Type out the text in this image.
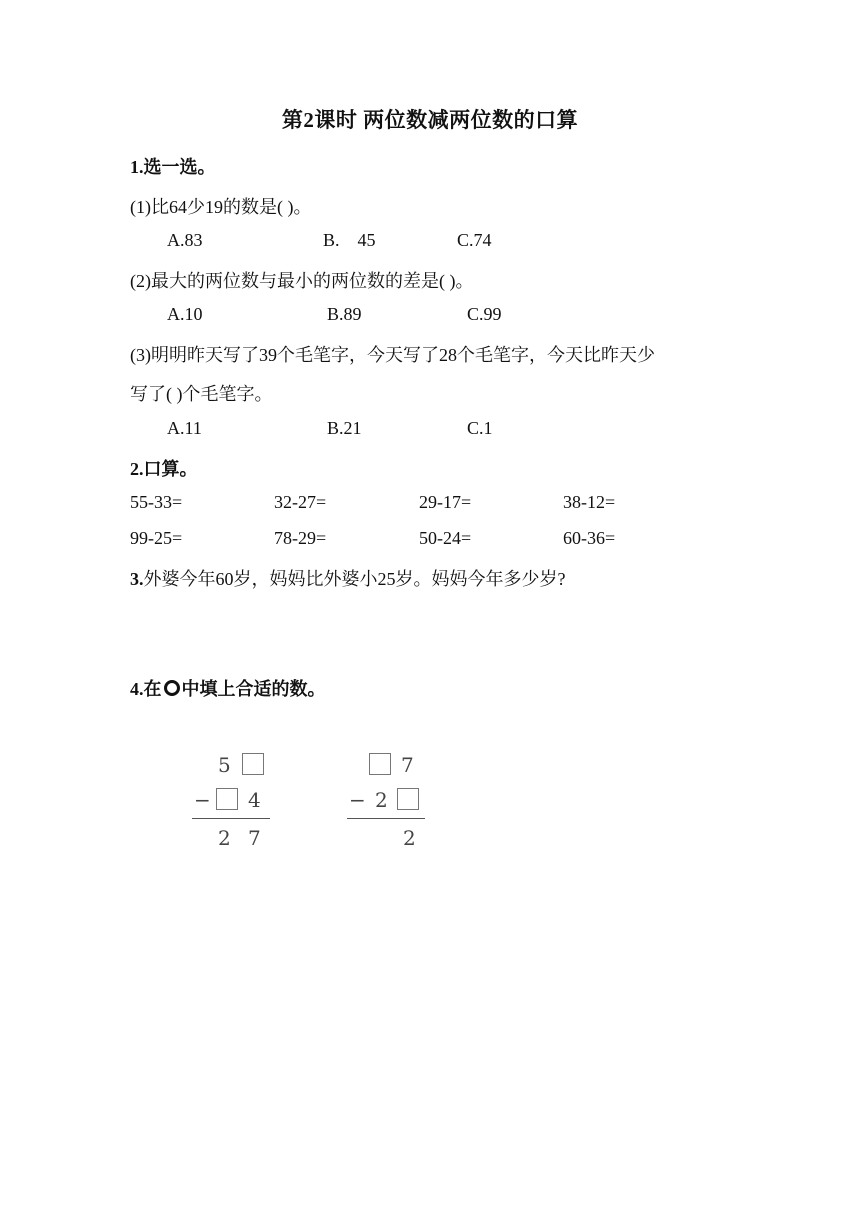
第2课时 两位数减两位数的口算
1.选一选。
(1)比64少19的数是( )。
A.83	B.    45	C.74
(2)最大的两位数与最小的两位数的差是( )。
A.10	B.89	C.99
(3)明明昨天写了39个毛笔字，今天写了28个毛笔字，今天比昨天少
写了( )个毛笔字。
A.11	B.21	C.1
2.口算。
55-33=	32-27=	29-17=	38-12=
99-25=	78-29=	50-24=	60-36=
3.外婆今年60岁，妈妈比外婆小25岁。妈妈今年多少岁?
4.在 中填上合适的数。
5
− 4
2 7
7
− 2
2
